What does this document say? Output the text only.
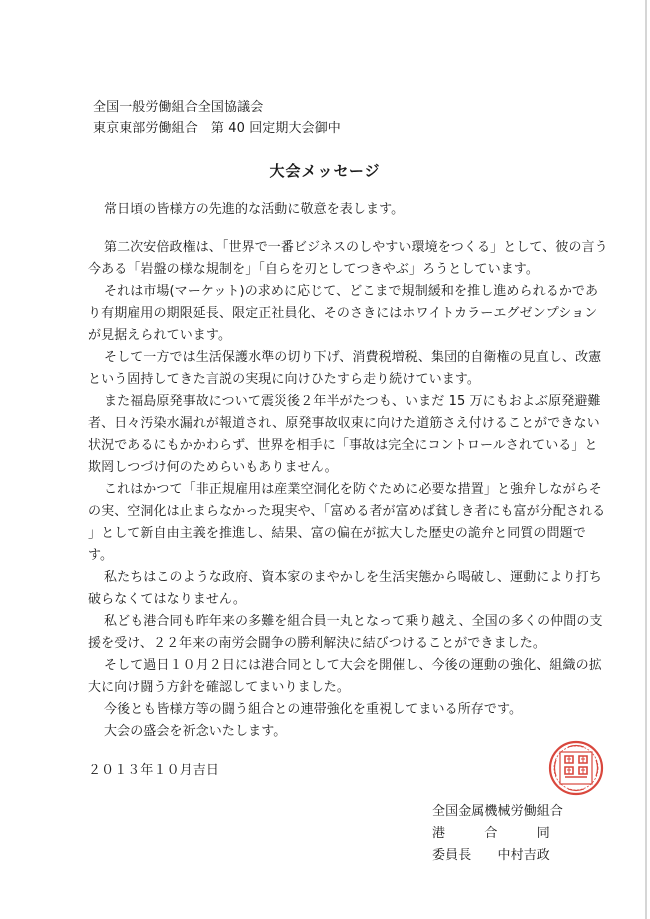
全国一般労働組合全国協議会
東京東部労働組合　第 40 回定期大会御中
大会メッセージ
常日頃の皆様方の先進的な活動に敬意を表します。
第二次安倍政権は、「世界で一番ビジネスのしやすい環境をつくる」として、彼の言う
今ある「岩盤の様な規制を」「自らを刃としてつきやぶ」ろうとしています。
それは市場(マーケット)の求めに応じて、どこまで規制緩和を推し進められるかであ
り有期雇用の期限延長、限定正社員化、そのさきにはホワイトカラーエグゼンプション
が見据えられています。
そして一方では生活保護水準の切り下げ、消費税増税、集団的自衛権の見直し、改憲
という固持してきた言説の実現に向けひたすら走り続けています。
また福島原発事故について震災後２年半がたつも、いまだ 15 万にもおよぶ原発避難
者、日々汚染水漏れが報道され、原発事故収束に向けた道筋さえ付けることができない
状況であるにもかかわらず、世界を相手に「事故は完全にコントロールされている」と
欺罔しつづけ何のためらいもありません。
これはかつて「非正規雇用は産業空洞化を防ぐために必要な措置」と強弁しながらそ
の実、空洞化は止まらなかった現実や、「富める者が富めば貧しき者にも富が分配される
」として新自由主義を推進し、結果、富の偏在が拡大した歴史の詭弁と同質の問題で
す。
私たちはこのような政府、資本家のまやかしを生活実態から喝破し、運動により打ち
破らなくてはなりません。
私ども港合同も昨年来の多難を組合員一丸となって乗り越え、全国の多くの仲間の支
援を受け、２２年来の南労会闘争の勝利解決に結びつけることができました。
そして過日１０月２日には港合同として大会を開催し、今後の運動の強化、組織の拡
大に向け闘う方針を確認してまいりました。
今後とも皆様方等の闘う組合との連帯強化を重視してまいる所存です。
大会の盛会を祈念いたします。
２０１３年１０月吉日
全国金属機械労働組合
港　　　合　　　同
委員長　　中村吉政
